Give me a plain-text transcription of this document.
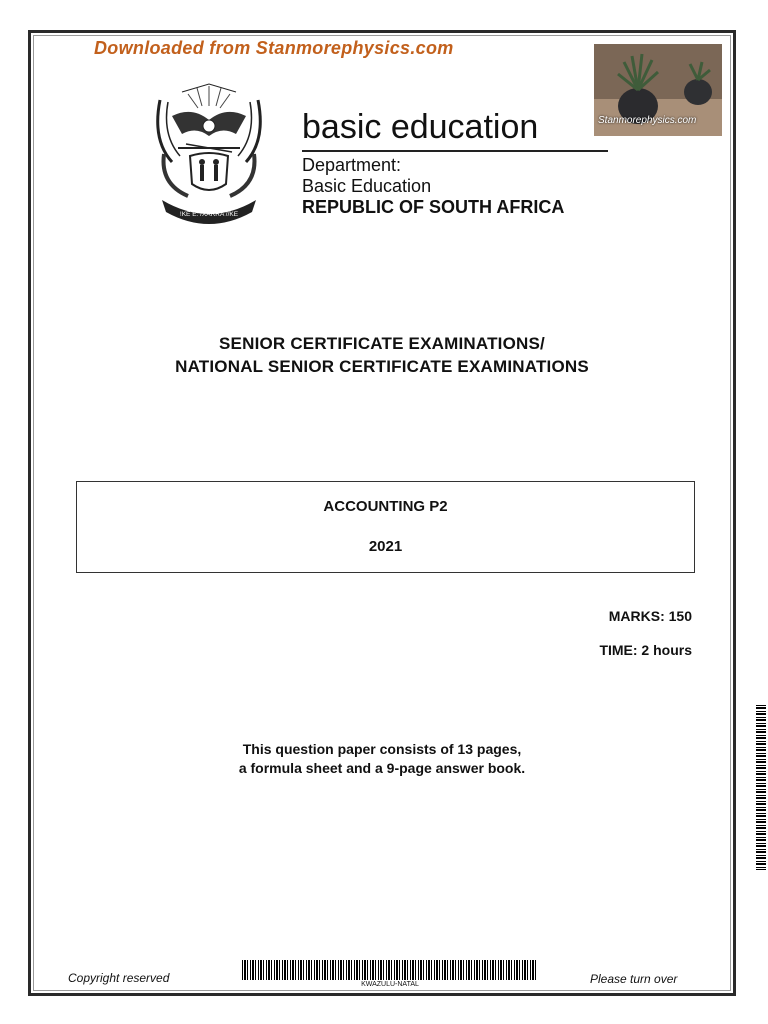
Downloaded from Stanmorephysics.com
Stanmorephysics.com
!KE E: /XARRA //KE
basic education
Department:
Basic Education
REPUBLIC OF SOUTH AFRICA
SENIOR CERTIFICATE EXAMINATIONS/
NATIONAL SENIOR CERTIFICATE EXAMINATIONS
ACCOUNTING P2
2021
MARKS: 150
TIME: 2 hours
This question paper consists of 13 pages,
a formula sheet and a 9-page answer book.
Copyright reserved	KWAZULU-NATAL	Please turn over
